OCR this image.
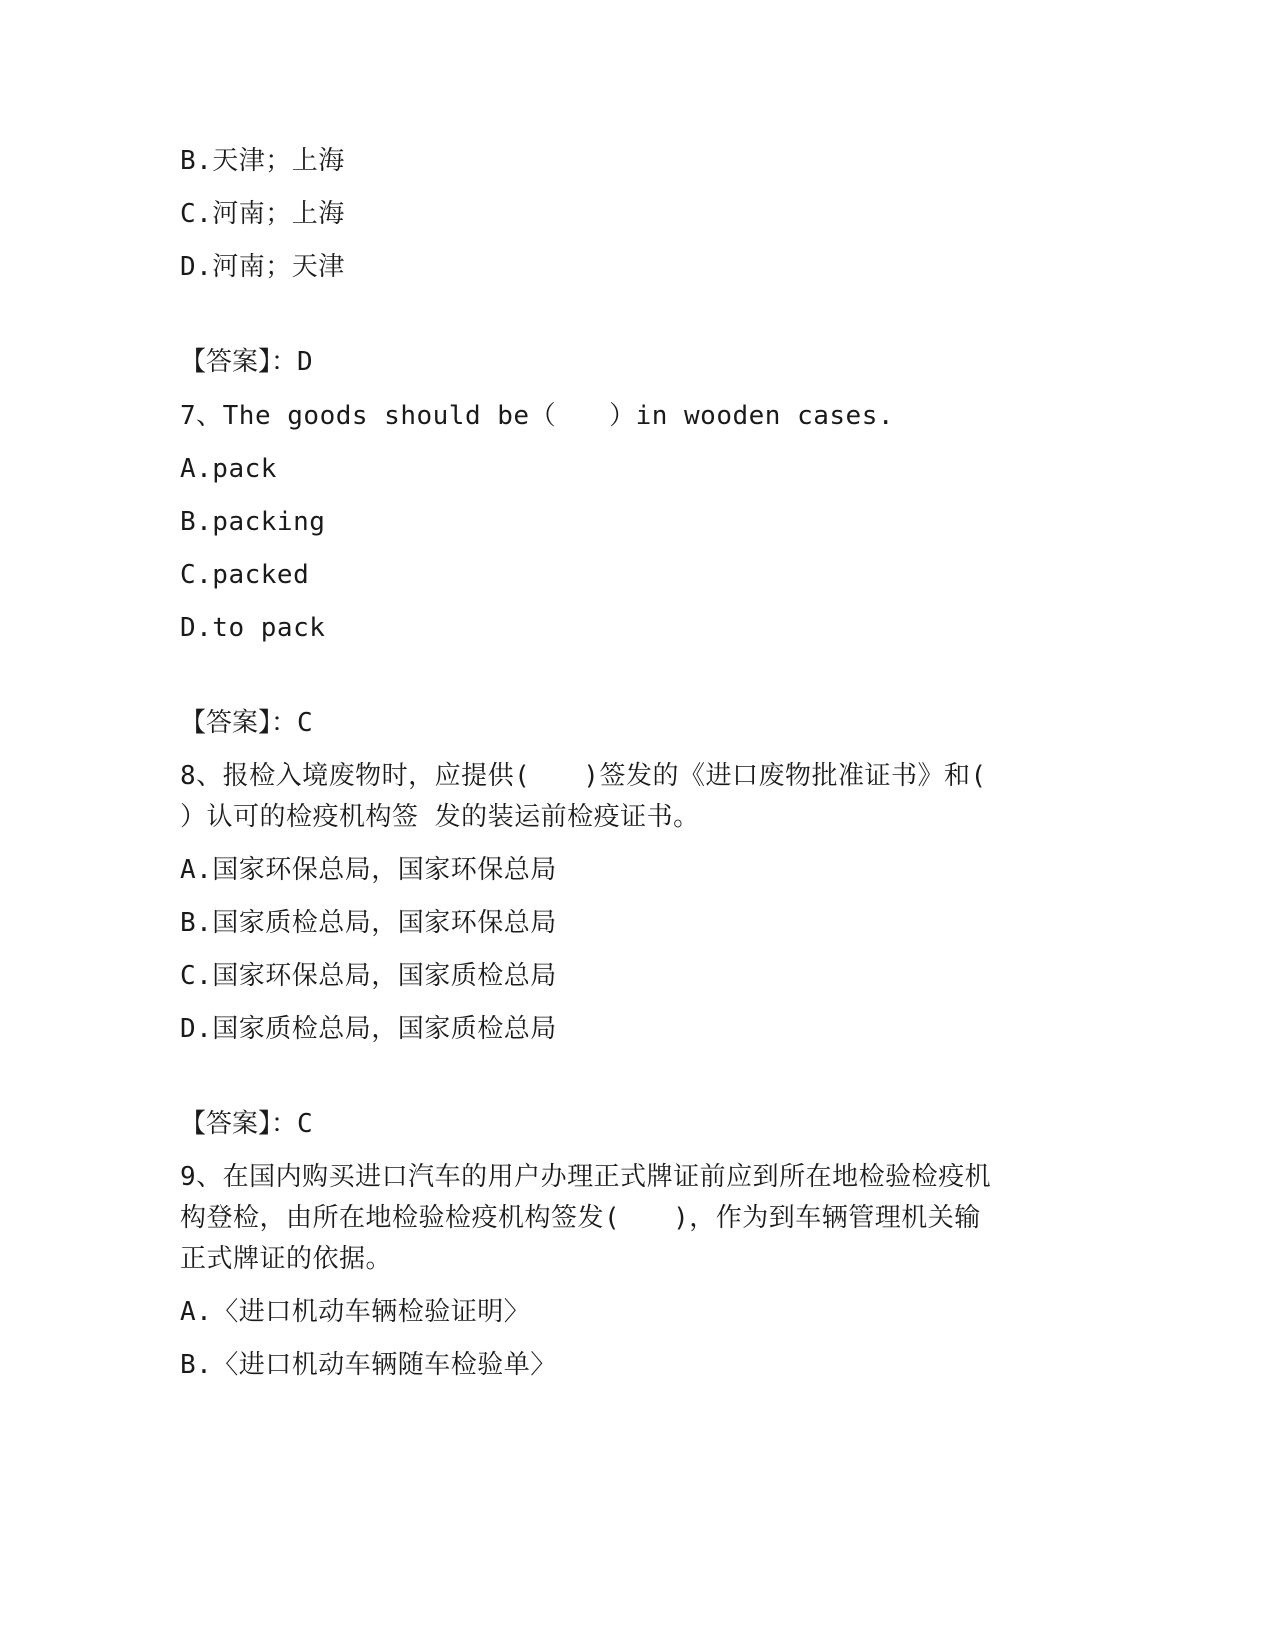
B.天津；上海
C.河南；上海
D.河南；天津
【答案】：D
7、The goods should be（　　）in wooden cases.
A.pack
B.packing
C.packed
D.to pack
【答案】：C
8、报检入境废物时，应提供(　　)签发的《进口废物批准证书》和(
）认可的检疫机构签 发的装运前检疫证书。
A.国家环保总局，国家环保总局
B.国家质检总局，国家环保总局
C.国家环保总局，国家质检总局
D.国家质检总局，国家质检总局
【答案】：C
9、在国内购买进口汽车的用户办理正式牌证前应到所在地检验检疫机
构登检，由所在地检验检疫机构签发(　　)，作为到车辆管理机关输
正式牌证的依据。
A.〈进口机动车辆检验证明〉
B.〈进口机动车辆随车检验单〉
